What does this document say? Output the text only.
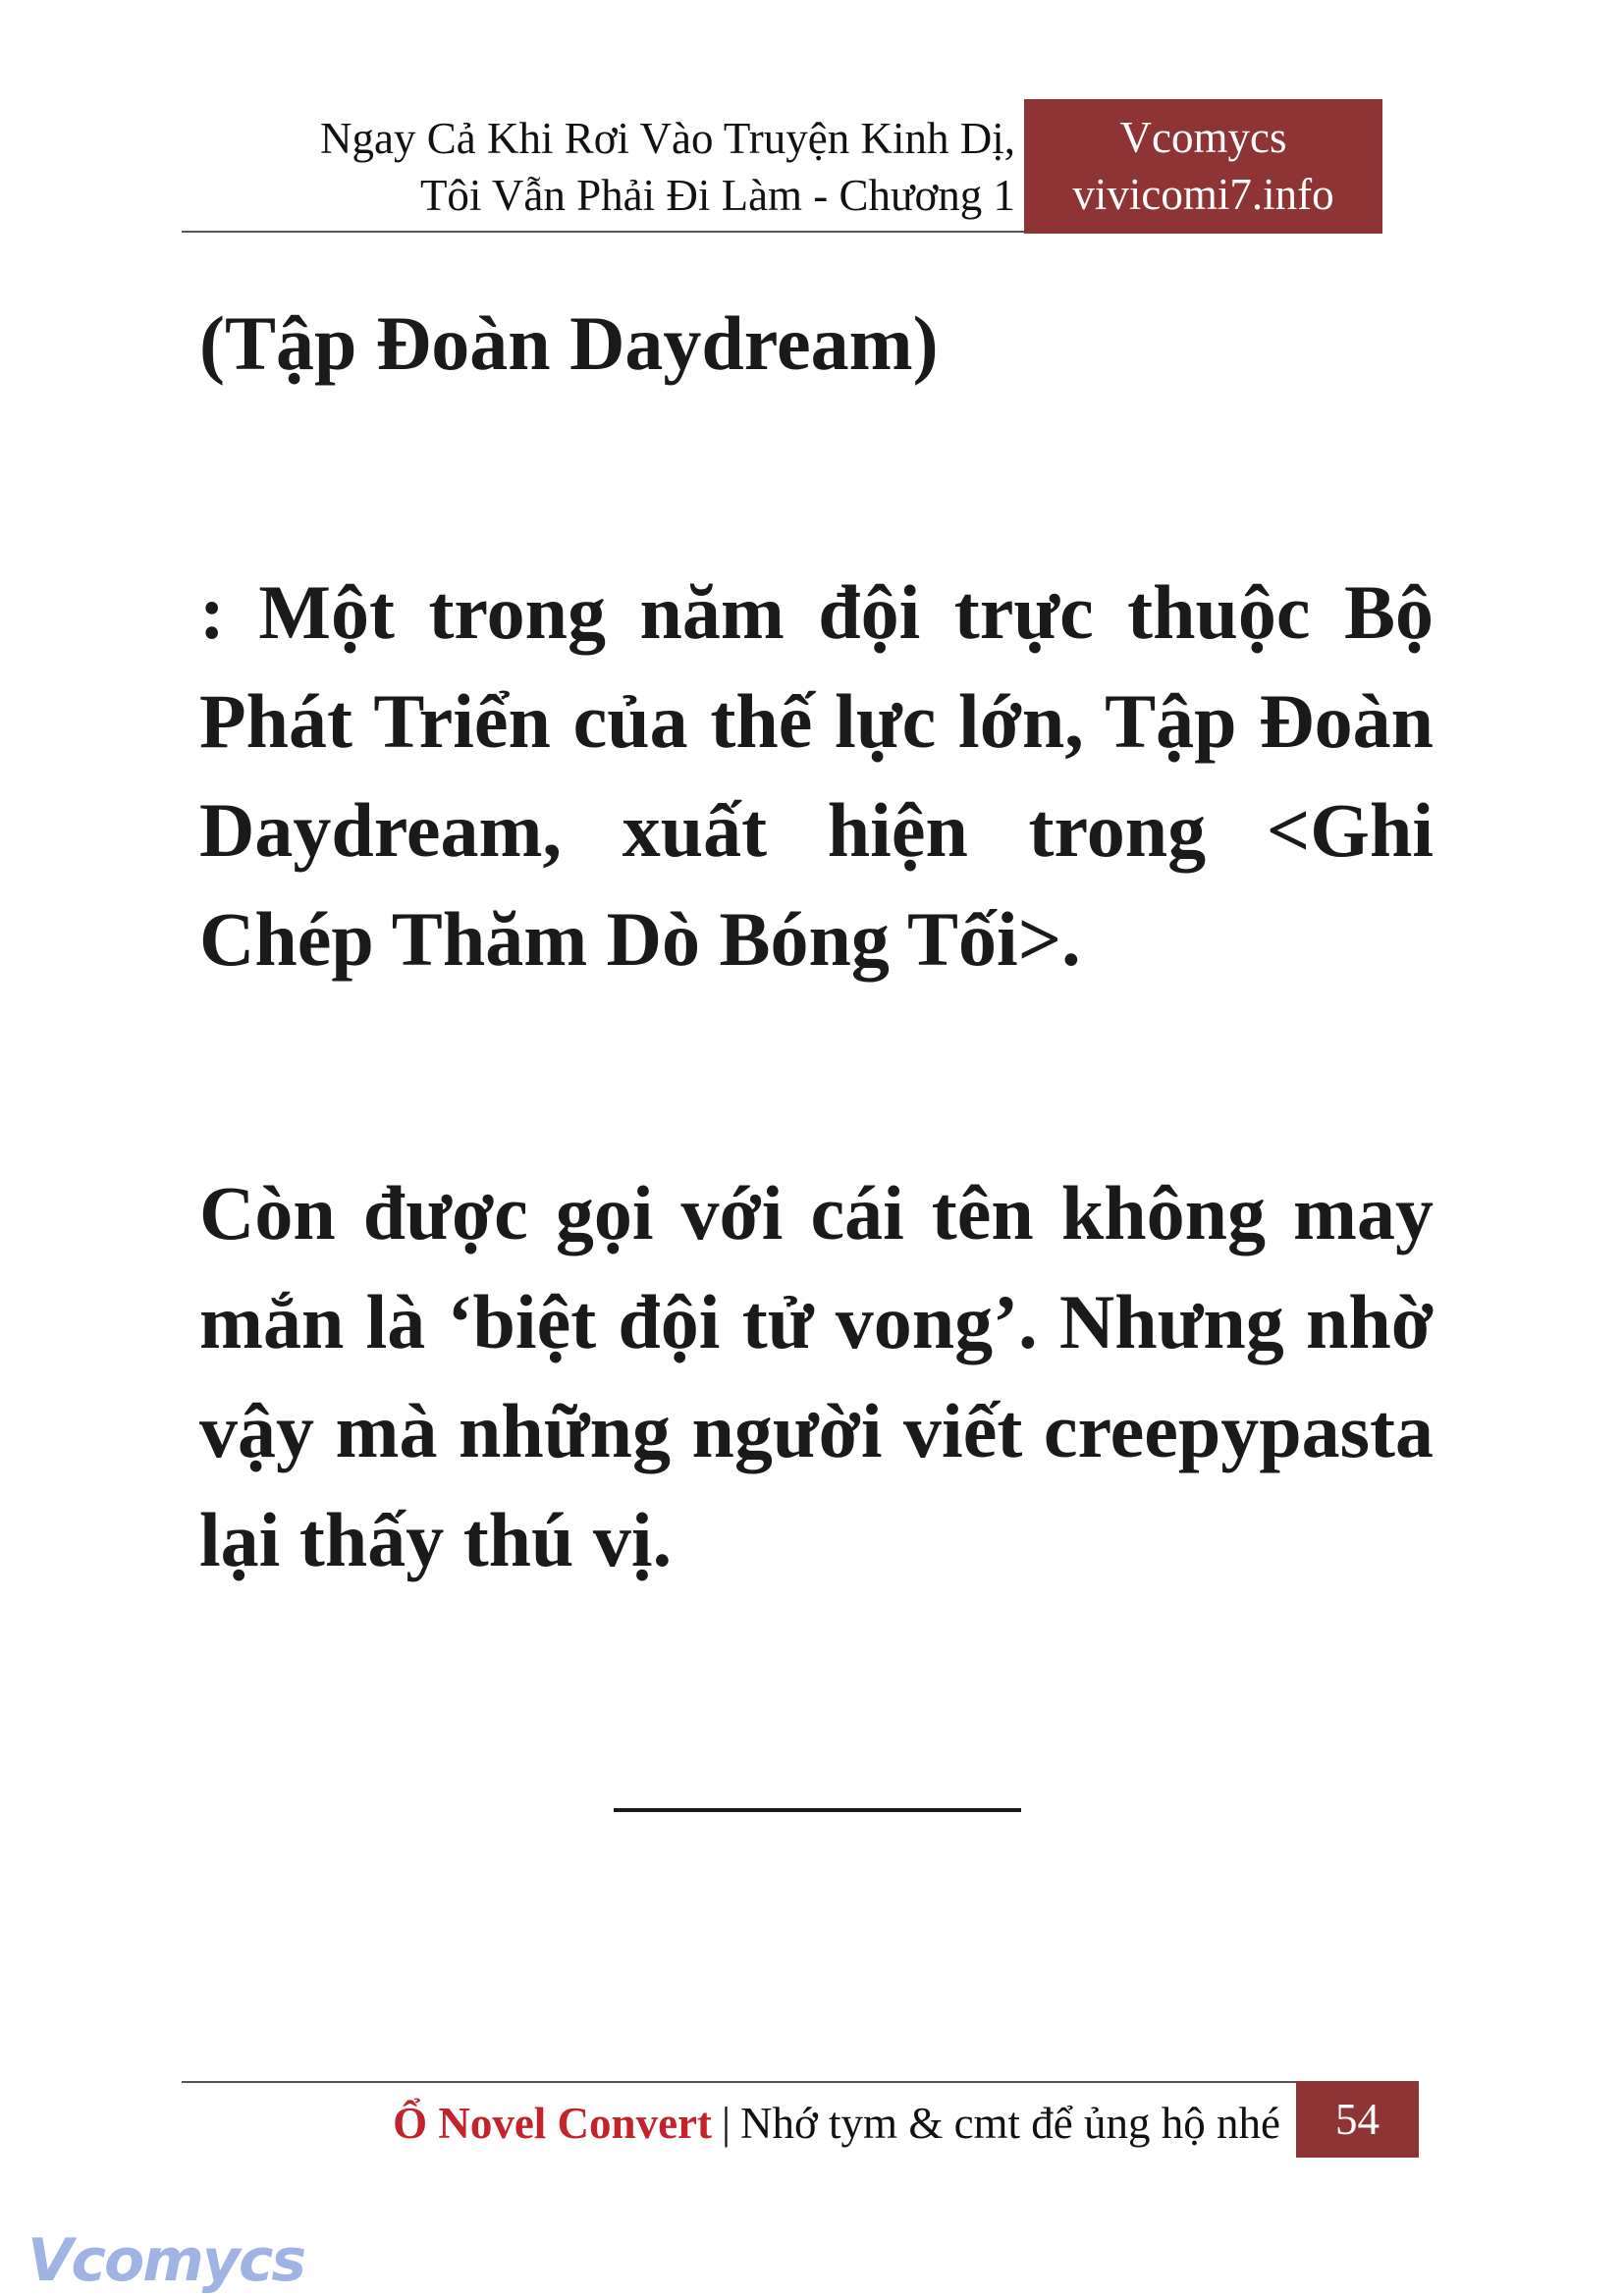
Ngay Cả Khi Rơi Vào Truyện Kinh Dị,
Tôi Vẫn Phải Đi Làm - Chương 1
Vcomycs
vivicomi7.info
(Tập Đoàn Daydream)
: Một trong năm đội trực thuộc Bộ Phát Triển của thế lực lớn, Tập Đoàn Daydream, xuất hiện trong <Ghi Chép Thăm Dò Bóng Tối>.
Còn được gọi với cái tên không may mắn là ‘biệt đội tử vong’. Nhưng nhờ vậy mà những người viết creepypasta lại thấy thú vị.
Ổ Novel Convert | Nhớ tym & cmt để ủng hộ nhé	54
Vcomycs
